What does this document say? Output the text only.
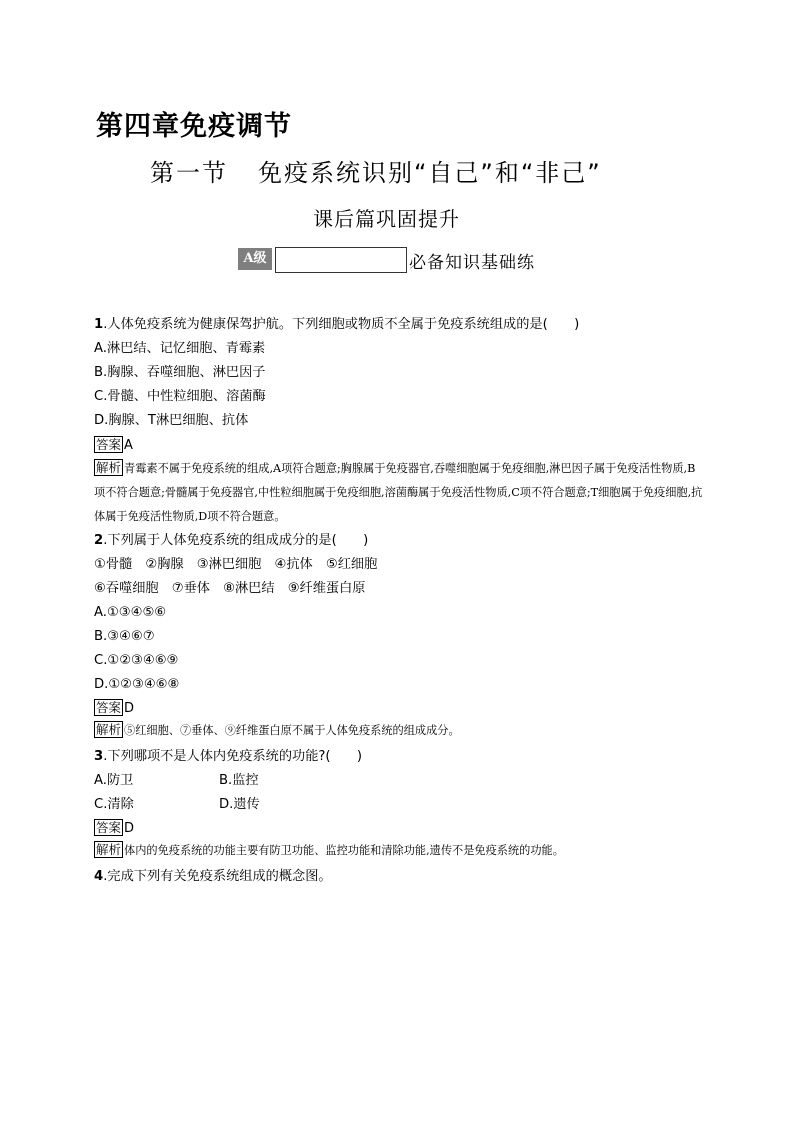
第四章免疫调节
第一节 免疫系统识别“自己”和“非己”
课后篇巩固提升
A级	必备知识基础练
1.人体免疫系统为健康保驾护航。下列细胞或物质不全属于免疫系统组成的是(　　)
A.淋巴结、记忆细胞、青霉素
B.胸腺、吞噬细胞、淋巴因子
C.骨髓、中性粒细胞、溶菌酶
D.胸腺、T淋巴细胞、抗体
答案 A
解析 青霉素不属于免疫系统的组成,A项符合题意;胸腺属于免疫器官,吞噬细胞属于免疫细胞,淋巴因子属于免疫活性物质,B项不符合题意;骨髓属于免疫器官,中性粒细胞属于免疫细胞,溶菌酶属于免疫活性物质,C项不符合题意;T细胞属于免疫细胞,抗体属于免疫活性物质,D项不符合题意。
2.下列属于人体免疫系统的组成成分的是(　　)
①骨髓　②胸腺　③淋巴细胞　④抗体　⑤红细胞
⑥吞噬细胞　⑦垂体　⑧淋巴结　⑨纤维蛋白原
A.①③④⑤⑥
B.③④⑥⑦
C.①②③④⑥⑨
D.①②③④⑥⑧
答案 D
解析 ⑤红细胞、⑦垂体、⑨纤维蛋白原不属于人体免疫系统的组成成分。
3.下列哪项不是人体内免疫系统的功能?(　　)
A.防卫	B.监控
C.清除	D.遗传
答案 D
解析 体内的免疫系统的功能主要有防卫功能、监控功能和清除功能,遗传不是免疫系统的功能。
4.完成下列有关免疫系统组成的概念图。
